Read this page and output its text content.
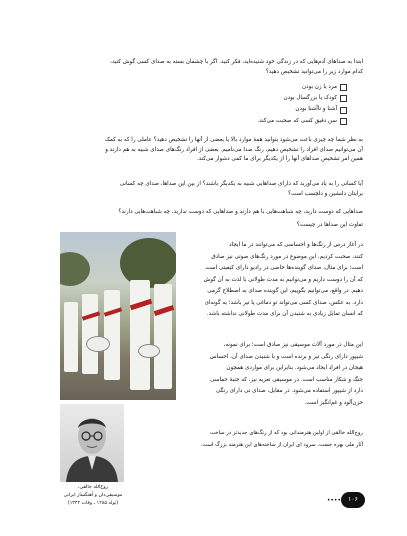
ابتدا به صداهای آدم‌هایی که در زندگی خود شنیده‌اید، فکر کنید. اگر با چشمان بسته به صدای کسی گوش کنید،
کدام موارد زیر را می‌توانید تشخیص دهید؟
مرد یا زن بودن
کودک یا بزرگسال بودن
آشنا و ناآشنا بودن
سن دقیق کسی که صحبت می‌کند.
به نظر شما چه چیزی باعث می‌شود بتوانید همهٔ موارد بالا یا بعضی از آنها را تشخیص دهید؟ عاملی را که به کمک
آن می‌توانیم صدای افراد را تشخیص دهیم، رنگ صدا می‌نامیم. بعضی از افراد رنگ‌های صدای شبیه به هم دارند و
همین امر تشخیص صداهای آنها را از یکدیگر برای ما کمی دشوار می‌کند.
آیا کسانی را به یاد می‌آورید که دارای صداهایی شبیه به یکدیگر باشند؟ از بین این صداها، صدای چه کسانی
برایتان دلنشین و دلچسب است؟
صداهایی که دوست دارید، چه شباهت‌هایی با هم دارند و صداهایی که دوست ندارید، چه شباهت‌هایی دارند؟
تفاوت این صداها در چیست؟
در آغاز درس از رنگ‌ها و احساسی که می‌توانند در ما ایجاد
کنند، صحبت کردیم. این موضوع در مورد رنگ‌های صوتی نیز صادق
است؛ برای مثال، صدای گوینده‌ها خاصی در رادیو دارای کیفیتی است
که آن را دوست داریم و می‌توانیم به مدت طولانی با لذت به آن گوش
دهیم. در واقع، می‌توانیم بگوییم، این گوینده صدای به اصطلاح گرمی
دارد. به عکس، صدای کسی می‌تواند تو دماغی یا تیز باشد؛ به گونه‌ای
که انسان تمایل زیادی به شنیدن آن برای مدت طولانی نداشته باشد.
این مثال در مورد آلات موسیقی نیز صادق است؛ برای نمونه،
شیپور دارای رنگی تیز و برنده است و با شنیدن صدای آن، احساس
هیجان در افراد ایجاد می‌شود. بنابراین برای مواردی همچون
جنگ و شکار مناسب است. در موسیقی تعزیه نیز، که جنبهٔ حماسی
دارد از شیپور استفاده می‌شود. در مقابل، صدای نی دارای رنگی
حزن‌آلود و غم‌انگیز است.
روح‌الله خالقی،
موسیقی‌دان و آهنگساز ایرانی
(تولد ۱۲۸۵ ـ وفات ۱۳۴۴)
روح‌الله خالقی از اولین هنرمندانی بود که از رنگ‌های جدیدتر در ساخت
آثار ملی بهره جست. سرود ای ایران از ساخته‌های این هنرمند بزرگ است.
••••	۱۰۶
